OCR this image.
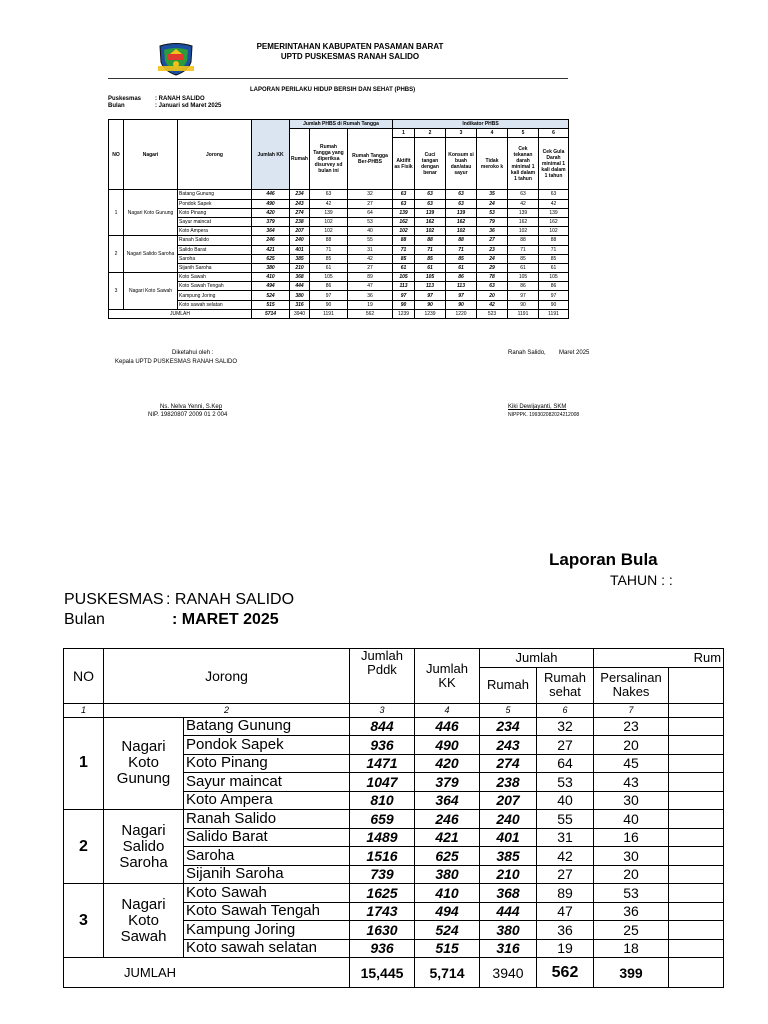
PEMERINTAHAN KABUPATEN PASAMAN BARAT
UPTD PUSKESMAS RANAH SALIDO
LAPORAN PERILAKU HIDUP BERSIH DAN SEHAT (PHBS)
Puskesmas : RANAH SALIDO
Bulan	: Januari sd Maret 2025
NO	Nagari	Jorong	Jumlah KK	Jumlah PHBS di Rumah Tangga			Indikator PHBS					
				Rumah	Rumah Tangga yang diperiksa disurvey sd bulan ini	Rumah Tangga Ber-PHBS	1	2	3	4	5	6
							Aktifit as Fisik	Cuci tangan dengan benar	Konsum si buah dan/atau sayur	Tidak meroko k	Cek tekanan darah minimal 1 kali dalam 1 tahun	Cek Gula Darah minimal 1 kali dalam 1 tahun
1	Nagari Koto Gunung	Batang Gunung	446	234	63	32	63	63	63	35	63	63
		Pondok Sapek	490	243	42	27	63	63	63	24	42	42
		Koto Pinang	420	274	139	64	139	139	139	53	139	139
		Sayur maincat	379	238	102	53	162	162	162	79	162	162
		Koto Ampera	364	207	102	40	102	102	102	36	102	102
2	Nagari Salido Saroha	Ranah Salido	246	240	88	55	88	88	88	27	88	88
		Salido Barat	421	401	71	31	71	71	71	23	71	71
		Saroha	625	385	85	42	85	85	85	24	85	85
		Sijanih Saroha	380	210	61	27	61	61	61	29	61	61
3	Nagari Koto Sawah	Koto Sawah	410	368	105	89	105	105	86	78	105	105
		Koto Sawah Tengah	494	444	86	47	113	113	113	63	86	86
		Kampung Joring	524	380	97	36	97	97	97	20	97	97
		Koto sawah selatan	515	316	90	19	90	90	90	42	90	90
JUMLAH			5714	3940	1191	562	1239	1239	1220	523	1191	1191
Diketahui oleh :
Kepala UPTD PUSKESMAS RANAH SALIDO
Ranah Salido,        Maret 2025
Ns. Nelva Yenni, S.Kep
NIP. 19820807 2009 01 2 004
Kiki Dewijayanti, SKM
NIPPPK. 199302082024212008
Laporan Bula
TAHUN : :
PUSKESMAS : RANAH SALIDO
Bulan	: MARET 2025
NO	Jorong		Jumlah Pddk	Jumlah KK	Jumlah		Rum	
					Rumah	Rumah sehat	Persalinan Nakes	
1	2		3	4	5	6	7	
1	Nagari Koto Gunung	Batang Gunung	844	446	234	32	23	
		Pondok Sapek	936	490	243	27	20	
		Koto Pinang	1471	420	274	64	45	
		Sayur maincat	1047	379	238	53	43	
		Koto Ampera	810	364	207	40	30	
2	Nagari Salido Saroha	Ranah Salido	659	246	240	55	40	
		Salido Barat	1489	421	401	31	16	
		Saroha	1516	625	385	42	30	
		Sijanih Saroha	739	380	210	27	20	
3	Nagari Koto Sawah	Koto Sawah	1625	410	368	89	53	
		Koto Sawah Tengah	1743	494	444	47	36	
		Kampung Joring	1630	524	380	36	25	
		Koto sawah selatan	936	515	316	19	18	
JUMLAH			15,445	5,714	3940	562	399	
